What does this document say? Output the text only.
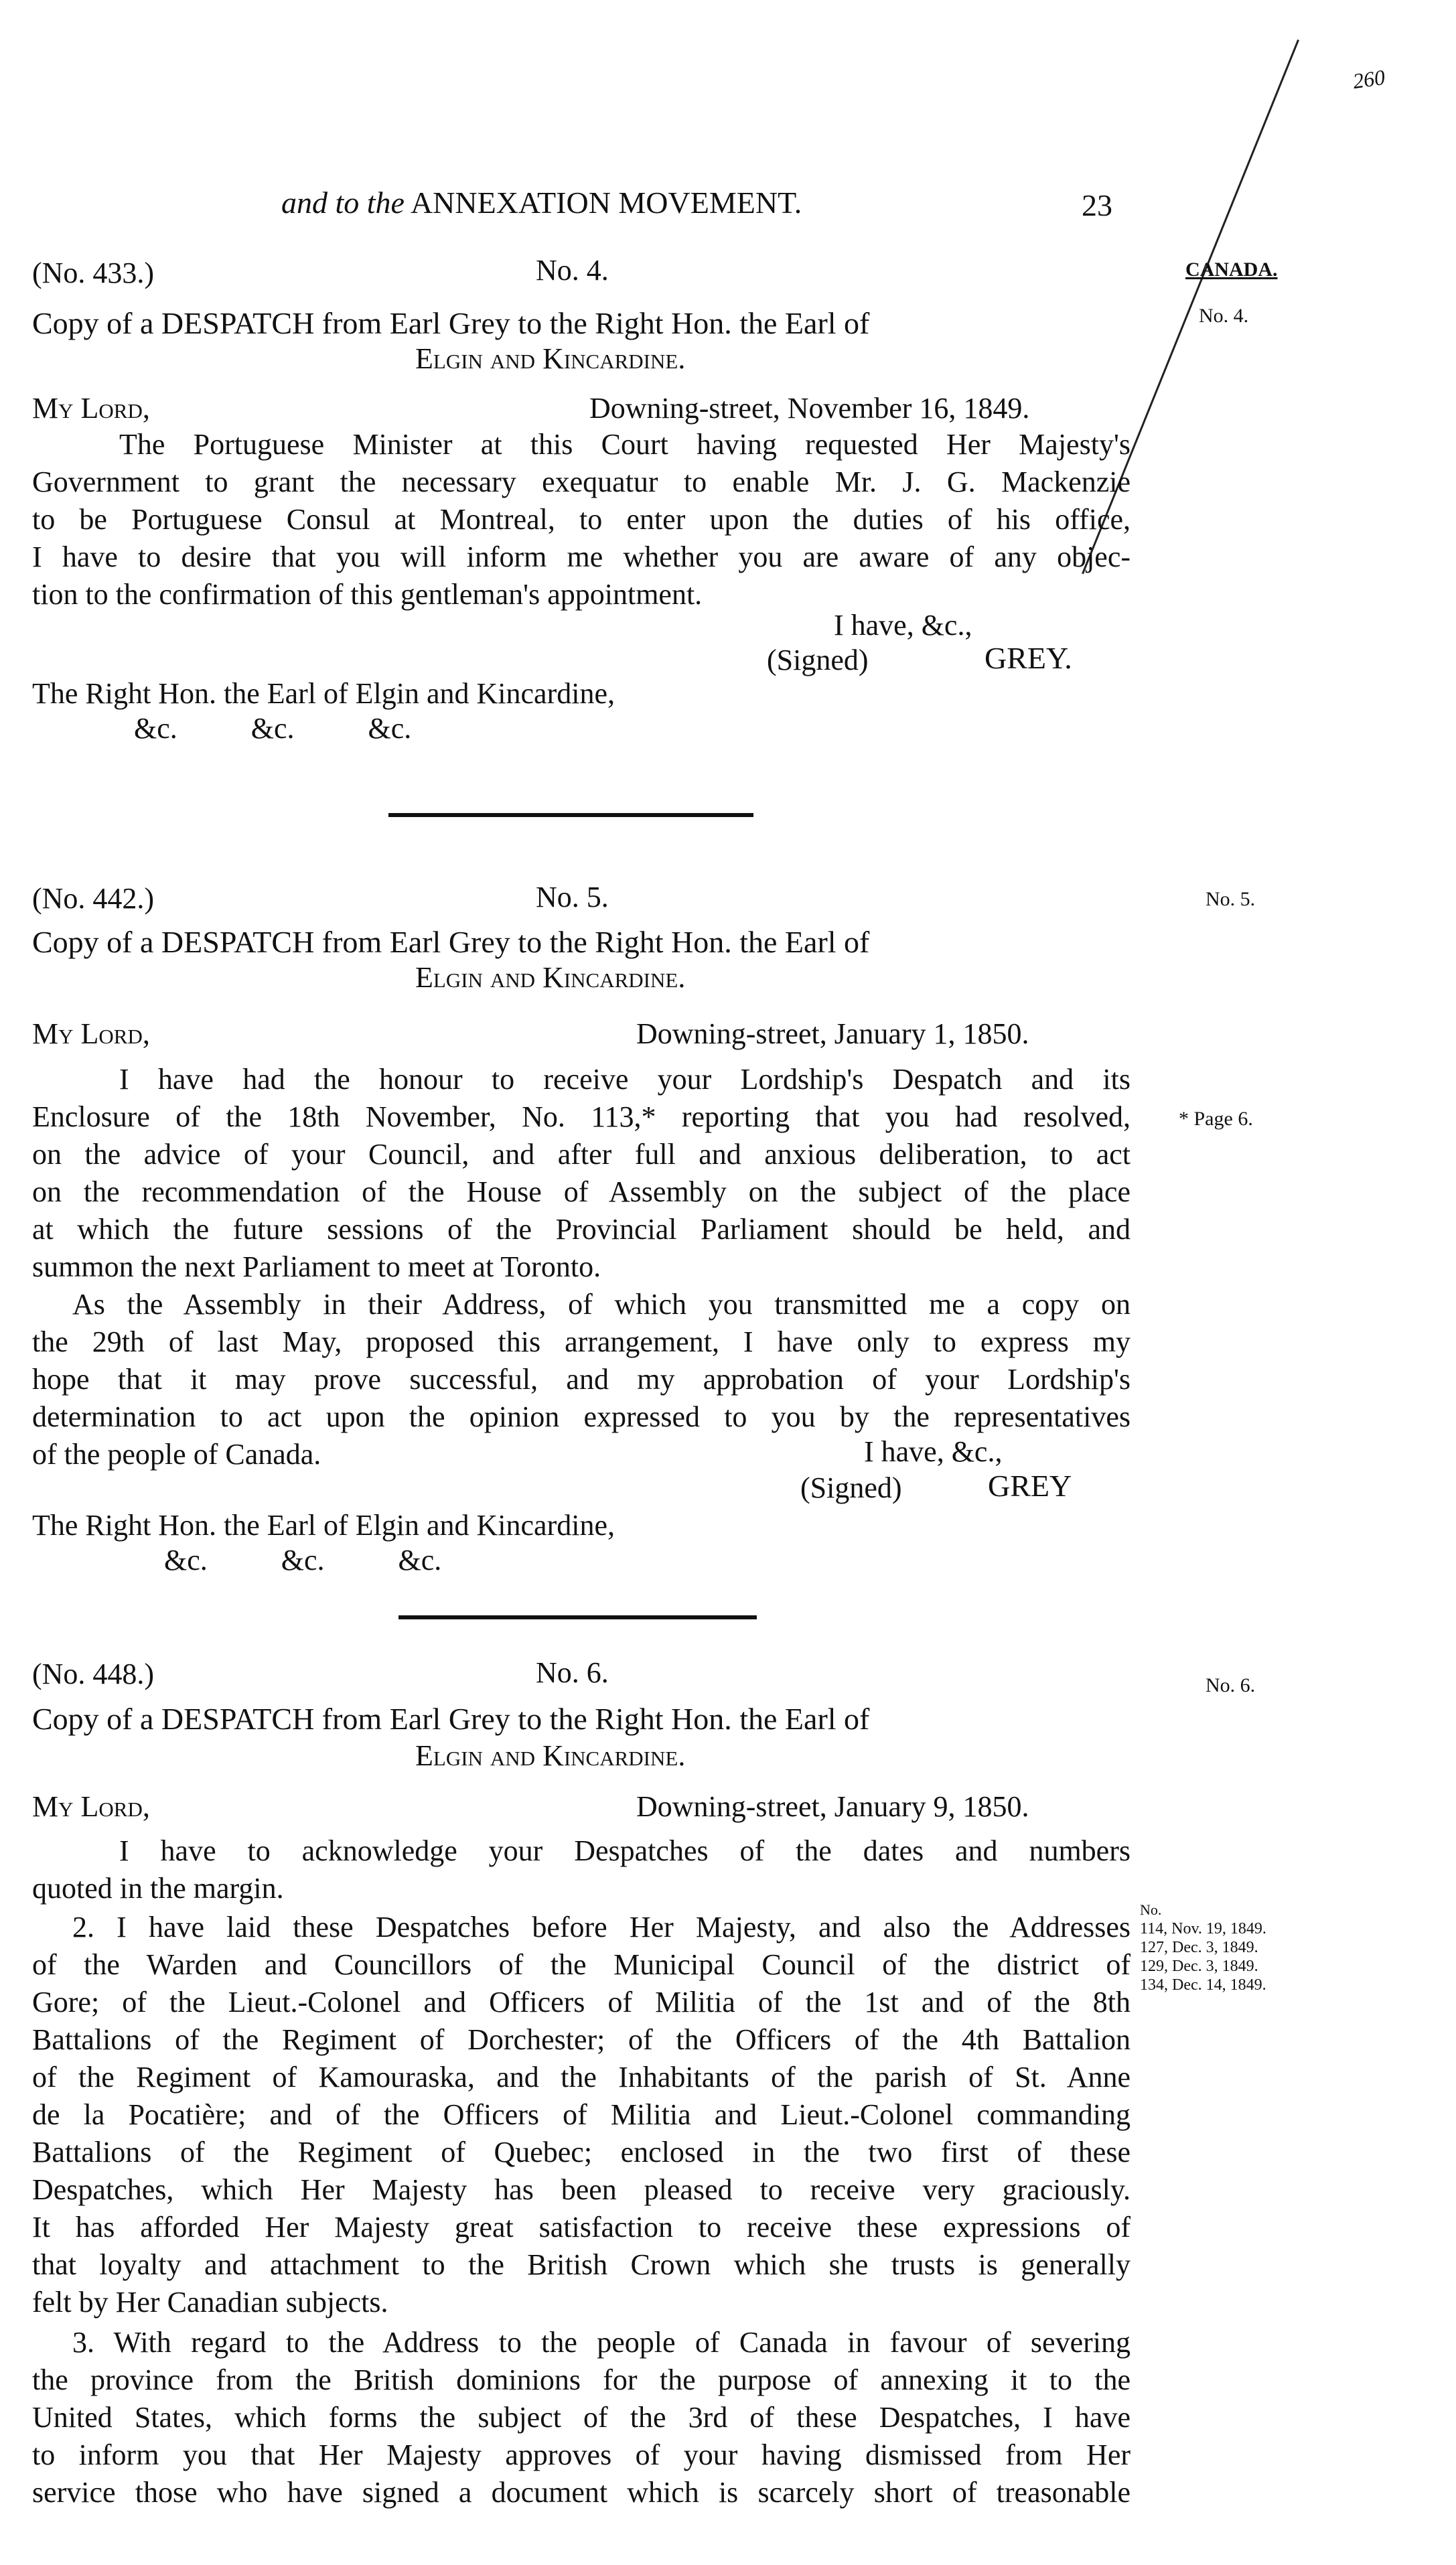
and to the ANNEXATION MOVEMENT.	23
260
(No. 433.)	No. 4.	CANADA.
No. 4.
Copy of a DESPATCH from Earl Grey to the Right Hon. the Earl of
Elgin and Kincardine.
My Lord,	Downing-street, November 16, 1849.
The Portuguese Minister at this Court having requested Her Majesty's
Government to grant the necessary exequatur to enable Mr. J. G. Mackenzie
to be Portuguese Consul at Montreal, to enter upon the duties of his office,
I have to desire that you will inform me whether you are aware of any objec-
tion to the confirmation of this gentleman's appointment.
I have, &c.,
(Signed)	GREY.
The Right Hon. the Earl of Elgin and Kincardine,
&c.          &c.          &c.
(No. 442.)	No. 5.	No. 5.
Copy of a DESPATCH from Earl Grey to the Right Hon. the Earl of
Elgin and Kincardine.
My Lord,	Downing-street, January 1, 1850.
I have had the honour to receive your Lordship's Despatch and its
Enclosure of the 18th November, No. 113,* reporting that you had resolved,
on the advice of your Council, and after full and anxious deliberation, to act
on the recommendation of the House of Assembly on the subject of the place
at which the future sessions of the Provincial Parliament should be held, and
summon the next Parliament to meet at Toronto.
* Page 6.
As the Assembly in their Address, of which you transmitted me a copy on
the 29th of last May, proposed this arrangement, I have only to express my
hope that it may prove successful, and my approbation of your Lordship's
determination to act upon the opinion expressed to you by the representatives
of the people of Canada.	I have, &c.,
(Signed)	GREY
The Right Hon. the Earl of Elgin and Kincardine,
&c.          &c.          &c.
(No. 448.)	No. 6.	No. 6.
Copy of a DESPATCH from Earl Grey to the Right Hon. the Earl of
Elgin and Kincardine.
My Lord,	Downing-street, January 9, 1850.
I have to acknowledge your Despatches of the dates and numbers
quoted in the margin.
2. I have laid these Despatches before Her Majesty, and also the Addresses
of the Warden and Councillors of the Municipal Council of the district of
Gore; of the Lieut.-Colonel and Officers of Militia of the 1st and of the 8th
Battalions of the Regiment of Dorchester; of the Officers of the 4th Battalion
of the Regiment of Kamouraska, and the Inhabitants of the parish of St. Anne
de la Pocatière; and of the Officers of Militia and Lieut.-Colonel commanding
Battalions of the Regiment of Quebec; enclosed in the two first of these
Despatches, which Her Majesty has been pleased to receive very graciously.
It has afforded Her Majesty great satisfaction to receive these expressions of
that loyalty and attachment to the British Crown which she trusts is generally
felt by Her Canadian subjects.
No.
114, Nov. 19, 1849.
127, Dec. 3, 1849.
129, Dec. 3, 1849.
134, Dec. 14, 1849.
3. With regard to the Address to the people of Canada in favour of severing
the province from the British dominions for the purpose of annexing it to the
United States, which forms the subject of the 3rd of these Despatches, I have
to inform you that Her Majesty approves of your having dismissed from Her
service those who have signed a document which is scarcely short of treasonable
